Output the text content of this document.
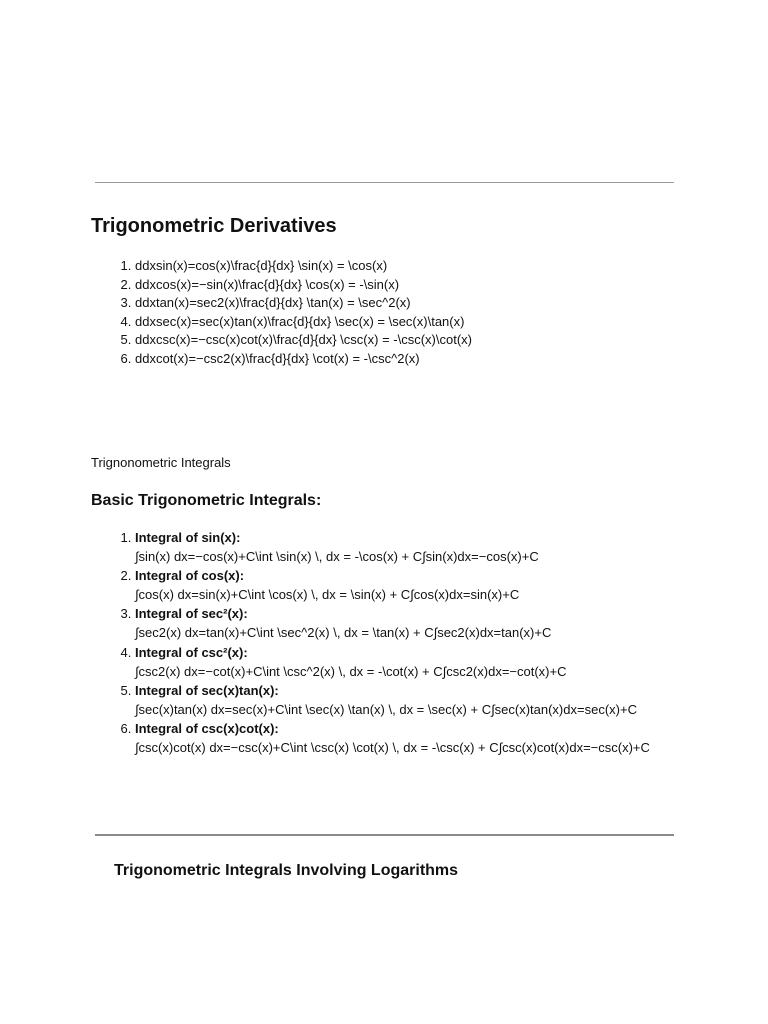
Trigonometric Derivatives
1. ddxsin(x)=cos(x)\frac{d}{dx} \sin(x) = \cos(x)
2. ddxcos(x)=−sin(x)\frac{d}{dx} \cos(x) = -\sin(x)
3. ddxtan(x)=sec2(x)\frac{d}{dx} \tan(x) = \sec^2(x)
4. ddxsec(x)=sec(x)tan(x)\frac{d}{dx} \sec(x) = \sec(x)\tan(x)
5. ddxcsc(x)=−csc(x)cot(x)\frac{d}{dx} \csc(x) = -\csc(x)\cot(x)
6. ddxcot(x)=−csc2(x)\frac{d}{dx} \cot(x) = -\csc^2(x)
Trignonometric Integrals
Basic Trigonometric Integrals:
1. Integral of sin(x):
∫sin(x) dx=−cos(x)+C\int \sin(x) \, dx = -\cos(x) + C∫sin(x)dx=−cos(x)+C
2. Integral of cos(x):
∫cos(x) dx=sin(x)+C\int \cos(x) \, dx = \sin(x) + C∫cos(x)dx=sin(x)+C
3. Integral of sec²(x):
∫sec2(x) dx=tan(x)+C\int \sec^2(x) \, dx = \tan(x) + C∫sec2(x)dx=tan(x)+C
4. Integral of csc²(x):
∫csc2(x) dx=−cot(x)+C\int \csc^2(x) \, dx = -\cot(x) + C∫csc2(x)dx=−cot(x)+C
5. Integral of sec(x)tan(x):
∫sec(x)tan(x) dx=sec(x)+C\int \sec(x) \tan(x) \, dx = \sec(x) + C∫sec(x)tan(x)dx=sec(x)+C
6. Integral of csc(x)cot(x):
∫csc(x)cot(x) dx=−csc(x)+C\int \csc(x) \cot(x) \, dx = -\csc(x) + C∫csc(x)cot(x)dx=−csc(x)+C
Trigonometric Integrals Involving Logarithms
